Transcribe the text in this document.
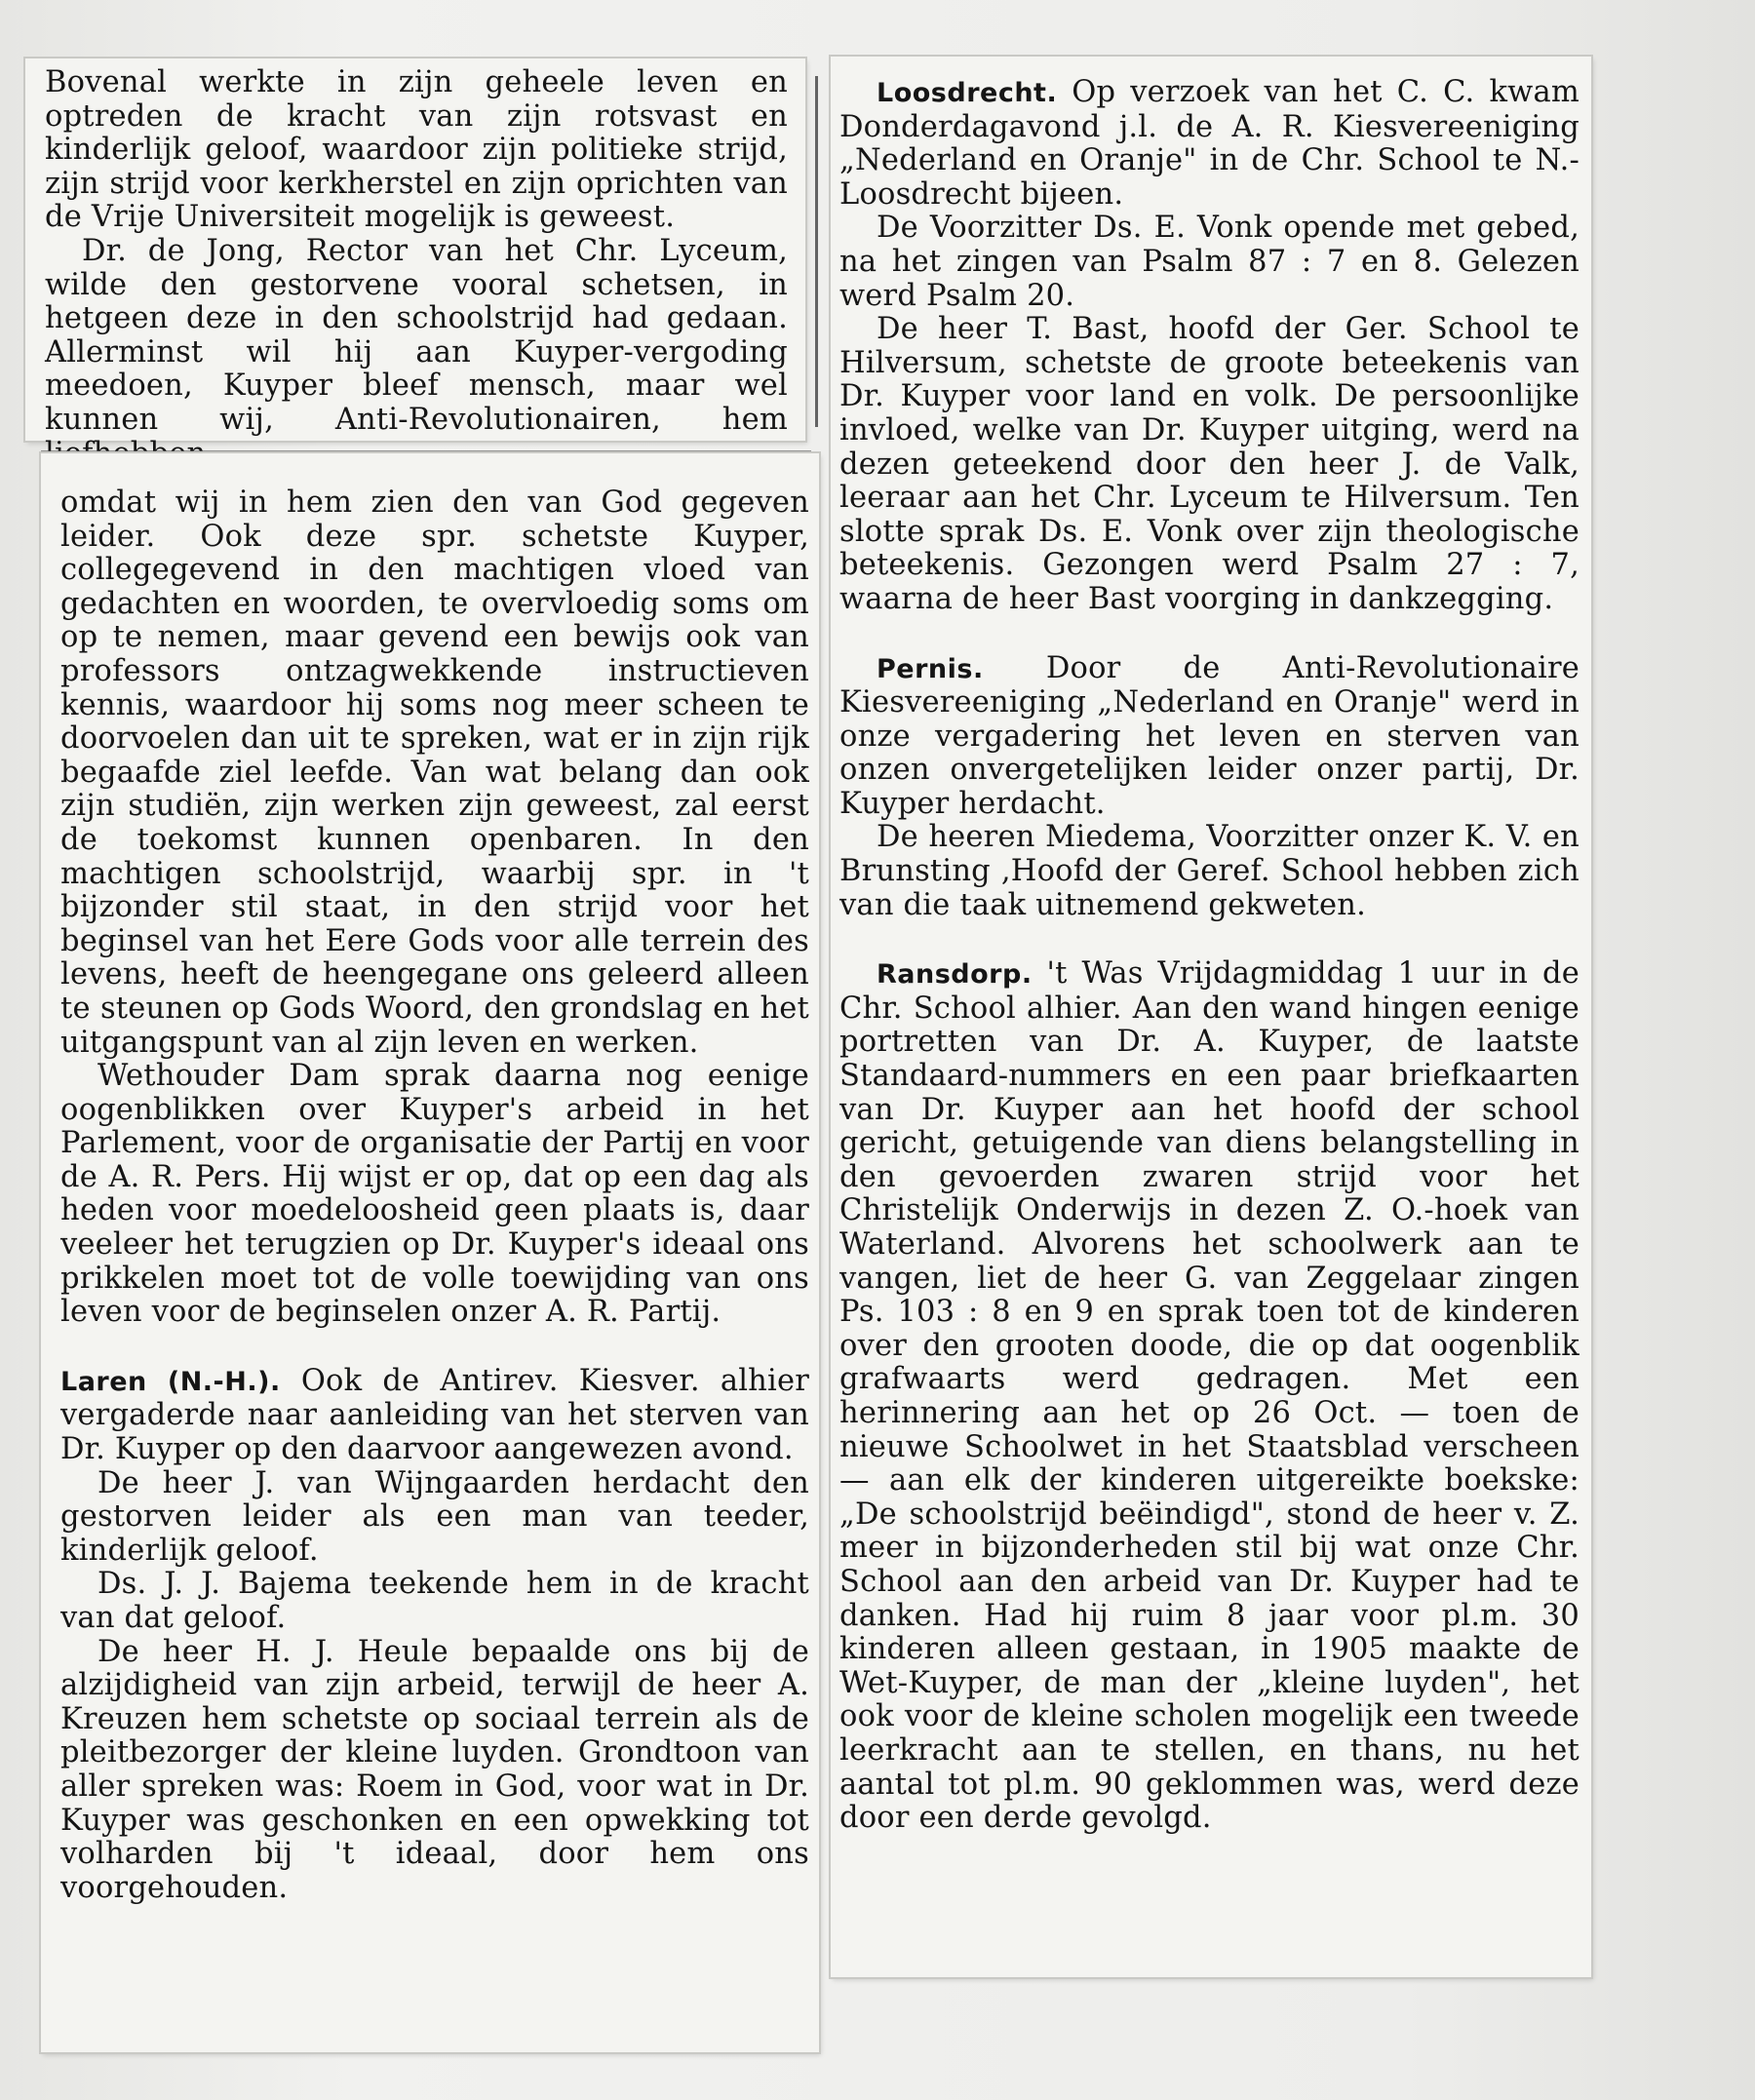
Bovenal werkte in zijn geheele leven en optreden de kracht van zijn rotsvast en kinderlijk geloof, waardoor zijn politieke strijd, zijn strijd voor kerkherstel en zijn oprichten van de Vrije Universiteit mogelijk is geweest.

Dr. de Jong, Rector van het Chr. Lyceum, wilde den gestorvene vooral schetsen, in hetgeen deze in den schoolstrijd had gedaan. Allerminst wil hij aan Kuyper-vergoding meedoen, Kuyper bleef mensch, maar wel kunnen wij, Anti-Revolutionairen, hem

omdat wij in hem zien den van God gegeven leider. Ook deze spr. schetste Kuyper, collegegevend in den machtigen vloed van gedachten en woorden, te overvloedig soms om op te nemen, maar gevend een bewijs ook van professors ontzagwekkende instructieven kennis, waardoor hij soms nog meer scheen te doorvoelen dan uit te spreken, wat er in zijn rijk begaafde ziel leefde. Van wat belang dan ook zijn studiën, zijn werken zijn geweest, zal eerst de toekomst kunnen openbaren. In den machtigen schoolstrijd, waarbij spr. in 't bijzonder stil staat, in den strijd voor het beginsel van het Eere Gods voor alle terrein des levens, heeft de heengegane ons geleerd alleen te steunen op Gods Woord, den grondslag en het uitgangspunt van al zijn leven en werken.

Wethouder Dam sprak daarna nog eenige oogenblikken over Kuyper's arbeid in het Parlement, voor de organisatie der Partij en voor de A. R. Pers. Hij wijst er op, dat op een dag als heden voor moedeloosheid geen plaats is, daar veeleer het terugzien op Dr. Kuyper's ideaal ons prikkelen moet tot de volle toewijding van ons leven voor de beginselen onzer A. R. Partij.

Laren (N.-H.). Ook de Antirev. Kiesver. alhier vergaderde naar aanleiding van het sterven van Dr. Kuyper op den daarvoor aangewezen avond.

De heer J. van Wijngaarden herdacht den gestorven leider als een man van teeder, kinderlijk geloof.

Ds. J. J. Bajema teekende hem in de kracht van dat geloof.

De heer H. J. Heule bepaalde ons bij de alzijdigheid van zijn arbeid, terwijl de heer A. Kreuzen hem schetste op sociaal terrein als de pleitbezorger der kleine luyden. Grondtoon van aller spreken was: Roem in God, voor wat in Dr. Kuyper was geschonken en een opwekking tot volharden bij 't ideaal, door hem ons voorgehouden.

Loosdrecht. Op verzoek van het C. C. kwam Donderdagavond j.l. de A. R. Kiesvereeniging „Nederland en Oranje" in de Chr. School te N.-Loosdrecht bijeen.

De Voorzitter Ds. E. Vonk opende met gebed, na het zingen van Psalm 87 : 7 en 8. Gelezen werd Psalm 20.

De heer T. Bast, hoofd der Ger. School te Hilversum, schetste de groote beteekenis van Dr. Kuyper voor land en volk. De persoonlijke invloed, welke van Dr. Kuyper uitging, werd na dezen geteekend door den heer J. de Valk, leeraar aan het Chr. Lyceum te Hilversum. Ten slotte sprak Ds. E. Vonk over zijn theologische beteekenis. Gezongen werd Psalm 27 : 7, waarna de heer Bast voorging in dankzegging.

Pernis. Door de Anti-Revolutionaire Kiesvereeniging „Nederland en Oranje" werd in onze vergadering het leven en sterven van onzen onvergetelijken leider onzer partij, Dr. Kuyper herdacht.

De heeren Miedema, Voorzitter onzer K. V. en Brunsting ,Hoofd der Geref. School hebben zich van die taak uitnemend gekweten.

Ransdorp. 't Was Vrijdagmiddag 1 uur in de Chr. School alhier. Aan den wand hingen eenige portretten van Dr. A. Kuyper, de laatste Standaard-nummers en een paar briefkaarten van Dr. Kuyper aan het hoofd der school gericht, getuigende van diens belangstelling in den gevoerden zwaren strijd voor het Christelijk Onderwijs in dezen Z. O.-hoek van Waterland. Alvorens het schoolwerk aan te vangen, liet de heer G. van Zeggelaar zingen Ps. 103 : 8 en 9 en sprak toen tot de kinderen over den grooten doode, die op dat oogenblik grafwaarts werd gedragen. Met een herinnering aan het op 26 Oct. — toen de nieuwe Schoolwet in het Staatsblad verscheen — aan elk der kinderen uitgereikte boekske: „De schoolstrijd beëindigd", stond de heer v. Z. meer in bijzonderheden stil bij wat onze Chr. School aan den arbeid van Dr. Kuyper had te danken. Had hij ruim 8 jaar voor pl.m. 30 kinderen alleen gestaan, in 1905 maakte de Wet-Kuyper, de man der „kleine luyden", het ook voor de kleine scholen mogelijk een tweede leerkracht aan te stellen, en thans, nu het aantal tot pl.m. 90 geklommen was, werd deze door een derde gevolgd.
